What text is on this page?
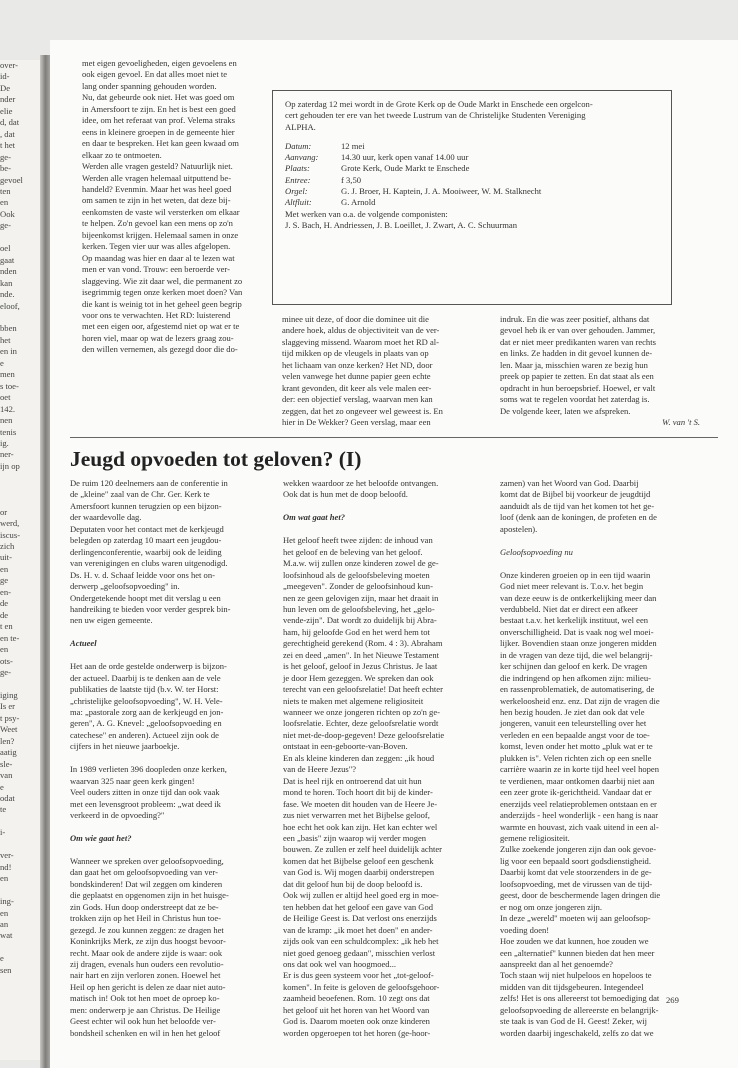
over-
id-
De
nder
elie
d, dat
, dat
t het
ge-
be-
gevoel
ten
en
Ook
ge-

oel
gaat
nden
kan
nde.
eloof,

bben
het
en in
e
men
s toe-
oet
142.
nen
tenis
ig.
ner-
ijn op

or
werd,
iscus-
zich
uit-
en
ge
en-
de
de
t en
en te-
en
ots-
ge-

iging
Is er
t psy-
Weet
len?
aatig
sle-
van
e
odat
te

i-

ver-
nd!
en

ing-
en
an
wat

e
sen
met eigen gevoeligheden, eigen gevoelens en
ook eigen gevoel. En dat alles moet niet te
lang onder spanning gehouden worden.
Nu, dat gebeurde ook niet. Het was goed om
in Amersfoort te zijn. En het is best een goed
idee, om het referaat van prof. Velema straks
eens in kleinere groepen in de gemeente hier
en daar te bespreken. Het kan geen kwaad om
elkaar zo te ontmoeten.
Werden alle vragen gesteld? Natuurlijk niet.
Werden alle vragen helemaal uitputtend be-
handeld? Evenmin. Maar het was heel goed
om samen te zijn in het weten, dat deze bij-
eenkomsten de vaste wil versterken om elkaar
te helpen. Zo'n gevoel kan een mens op zo'n
bijeenkomst krijgen. Helemaal samen in onze
kerken. Tegen vier uur was alles afgelopen.
Op maandag was hier en daar al te lezen wat
men er van vond. Trouw: een beroerde ver-
slaggeving. Wie zit daar wel, die permanent zo
isegrimmig tegen onze kerken moet doen? Van
die kant is weinig tot in het geheel geen begrip
voor ons te verwachten. Het RD: luisterend
met een eigen oor, afgestemd niet op wat er te
horen viel, maar op wat de lezers graag zou-
den willen vernemen, als gezegd door die do-
Op zaterdag 12 mei wordt in de Grote Kerk op de Oude Markt in Enschede een orgelcon-
cert gehouden ter ere van het tweede Lustrum van de Christelijke Studenten Vereniging
ALPHA.
Datum:	12 mei
Aanvang:	14.30 uur, kerk open vanaf 14.00 uur
Plaats:	Grote Kerk, Oude Markt te Enschede
Entree:	f 3,50
Orgel:	G. J. Broer, H. Kaptein, J. A. Mooiweer, W. M. Stalknecht
Altfluit:	G. Arnold
Met werken van o.a. de volgende componisten:
J. S. Bach, H. Andriessen, J. B. Loeillet, J. Zwart, A. C. Schuurman
minee uit deze, of door die dominee uit die
andere hoek, aldus de objectiviteit van de ver-
slaggeving missend. Waarom moet het RD al-
tijd mikken op de vleugels in plaats van op
het lichaam van onze kerken? Het ND, door
velen vanwege het dunne papier geen echte
krant gevonden, dit keer als vele malen eer-
der: een objectief verslag, waarvan men kan
zeggen, dat het zo ongeveer wel geweest is. En
hier in De Wekker? Geen verslag, maar een
indruk. En die was zeer positief, althans dat
gevoel heb ik er van over gehouden. Jammer,
dat er niet meer predikanten waren van rechts
en links. Ze hadden in dit gevoel kunnen de-
len. Maar ja, misschien waren ze bezig hun
preek op papier te zetten. En dat staat als een
opdracht in hun beroepsbrief. Hoewel, er valt
soms wat te regelen voordat het zaterdag is.
De volgende keer, laten we afspreken.
W. van 't S.
Jeugd opvoeden tot geloven? (I)
De ruim 120 deelnemers aan de conferentie in
de „kleine" zaal van de Chr. Ger. Kerk te
Amersfoort kunnen terugzien op een bijzon-
der waardevolle dag.
Deputaten voor het contact met de kerkjeugd
belegden op zaterdag 10 maart een jeugdou-
derlingenconferentie, waarbij ook de leiding
van verenigingen en clubs waren uitgenodigd.
Ds. H. v. d. Schaaf leidde voor ons het on-
derwerp „geloofsopvoeding" in.
Ondergetekende hoopt met dit verslag u een
handreiking te bieden voor verder gesprek bin-
nen uw eigen gemeente.

Actueel

Het aan de orde gestelde onderwerp is bijzon-
der actueel. Daarbij is te denken aan de vele
publikaties de laatste tijd (b.v. W. ter Horst:
„christelijke geloofsopvoeding", W. H. Vele-
ma: „pastorale zorg aan de kerkjeugd en jon-
geren", A. G. Knevel: „geloofsopvoeding en
catechese" en anderen). Actueel zijn ook de
cijfers in het nieuwe jaarboekje.

In 1989 verlieten 396 doopleden onze kerken,
waarvan 325 naar geen kerk gingen!
Veel ouders zitten in onze tijd dan ook vaak
met een levensgroot probleem: „wat deed ik
verkeerd in de opvoeding?"

Om wie gaat het?

Wanneer we spreken over geloofsopvoeding,
dan gaat het om geloofsopvoeding van ver-
bondskinderen! Dat wil zeggen om kinderen
die geplaatst en opgenomen zijn in het huisge-
zin Gods. Hun doop onderstreept dat ze be-
trokken zijn op het Heil in Christus hun toe-
gezegd. Je zou kunnen zeggen: ze dragen het
Koninkrijks Merk, ze zijn dus hoogst bevoor-
recht. Maar ook de andere zijde is waar: ook
zij dragen, evenals hun ouders een revolutio-
nair hart en zijn verloren zonen. Hoewel het
Heil op hen gericht is delen ze daar niet auto-
matisch in! Ook tot hen moet de oproep ko-
men: onderwerp je aan Christus. De Heilige
Geest echter wil ook hun het beloofde ver-
bondsheil schenken en wil in hen het geloof
wekken waardoor ze het beloofde ontvangen.
Ook dat is hun met de doop beloofd.

Om wat gaat het?

Het geloof heeft twee zijden: de inhoud van
het geloof en de beleving van het geloof.
M.a.w. wij zullen onze kinderen zowel de ge-
loofsinhoud als de geloofsbeleving moeten
„meegeven". Zonder de geloofsinhoud kun-
nen ze geen gelovigen zijn, maar het draait in
hun leven om de geloofsbeleving, het „gelo-
vende-zijn". Dat wordt zo duidelijk bij Abra-
ham, hij geloofde God en het werd hem tot
gerechtigheid gerekend (Rom. 4 : 3). Abraham
zei en deed „amen". In het Nieuwe Testament
is het geloof, geloof in Jezus Christus. Je laat
je door Hem gezeggen. We spreken dan ook
terecht van een geloofsrelatie! Dat heeft echter
niets te maken met algemene religiositeit
wanneer we onze jongeren richten op zo'n ge-
loofsrelatie. Echter, deze geloofsrelatie wordt
niet met-de-doop-gegeven! Deze geloofsrelatie
ontstaat in een-geboorte-van-Boven.
En als kleine kinderen dan zeggen: „ik houd
van de Heere Jezus"?
Dat is heel rijk en ontroerend dat uit hun
mond te horen. Toch hoort dit bij de kinder-
fase. We moeten dit houden van de Heere Je-
zus niet verwarren met het Bijbelse geloof,
hoe echt het ook kan zijn. Het kan echter wel
een „basis" zijn waarop wij verder mogen
bouwen. Ze zullen er zelf heel duidelijk achter
komen dat het Bijbelse geloof een geschenk
van God is. Wij mogen daarbij onderstrepen
dat dit geloof hun bij de doop beloofd is.
Ook wij zullen er altijd heel goed erg in moe-
ten hebben dat het geloof een gave van God
de Heilige Geest is. Dat verlost ons enerzijds
van de kramp: „ik moet het doen" en ander-
zijds ook van een schuldcomplex: „ik heb het
niet goed genoeg gedaan", misschien verlost
ons dat ook wel van hoogmoed...
Er is dus geen systeem voor het „tot-geloof-
komen". In feite is geloven de geloofsgehoor-
zaamheid beoefenen. Rom. 10 zegt ons dat
het geloof uit het horen van het Woord van
God is. Daarom moeten ook onze kinderen
worden opgeroepen tot het horen (ge-hoor-
zamen) van het Woord van God. Daarbij
komt dat de Bijbel bij voorkeur de jeugdtijd
aanduidt als de tijd van het komen tot het ge-
loof (denk aan de koningen, de profeten en de
apostelen).

Geloofsopvoeding nu

Onze kinderen groeien op in een tijd waarin
God niet meer relevant is. T.o.v. het begin
van deze eeuw is de ontkerkelijking meer dan
verdubbeld. Niet dat er direct een afkeer
bestaat t.a.v. het kerkelijk instituut, wel een
onverschilligheid. Dat is vaak nog wel moei-
lijker. Bovendien staan onze jongeren midden
in de vragen van deze tijd, die wel belangrij-
ker schijnen dan geloof en kerk. De vragen
die indringend op hen afkomen zijn: milieu-
en rassenproblematiek, de automatisering, de
werkeloosheid enz. enz. Dat zijn de vragen die
hen bezig houden. Je ziet dan ook dat vele
jongeren, vanuit een teleurstelling over het
verleden en een bepaalde angst voor de toe-
komst, leven onder het motto „pluk wat er te
plukken is". Velen richten zich op een snelle
carrière waarin ze in korte tijd heel veel hopen
te verdienen, maar ontkomen daarbij niet aan
een zeer grote ik-gerichtheid. Vandaar dat er
enerzijds veel relatieproblemen ontstaan en er
anderzijds - heel wonderlijk - een hang is naar
warmte en houvast, zich vaak uitend in een al-
gemene religiositeit.
Zulke zoekende jongeren zijn dan ook gevoe-
lig voor een bepaald soort godsdienstigheid.
Daarbij komt dat vele stoorzenders in de ge-
loofsopvoeding, met de virussen van de tijd-
geest, door de beschermende lagen dringen die
er nog om onze jongeren zijn.
In deze „wereld" moeten wij aan geloofsop-
voeding doen!
Hoe zouden we dat kunnen, hoe zouden we
een „alternatief" kunnen bieden dat hen meer
aanspreekt dan al het genoemde?
Toch staan wij niet hulpeloos en hopeloos te
midden van dit tijdsgebeuren. Integendeel
zelfs! Het is ons allereerst tot bemoediging dat
geloofsopvoeding de allereerste en belangrijk-
ste taak is van God de H. Geest! Zeker, wij
worden daarbij ingeschakeld, zelfs zo dat we
269
